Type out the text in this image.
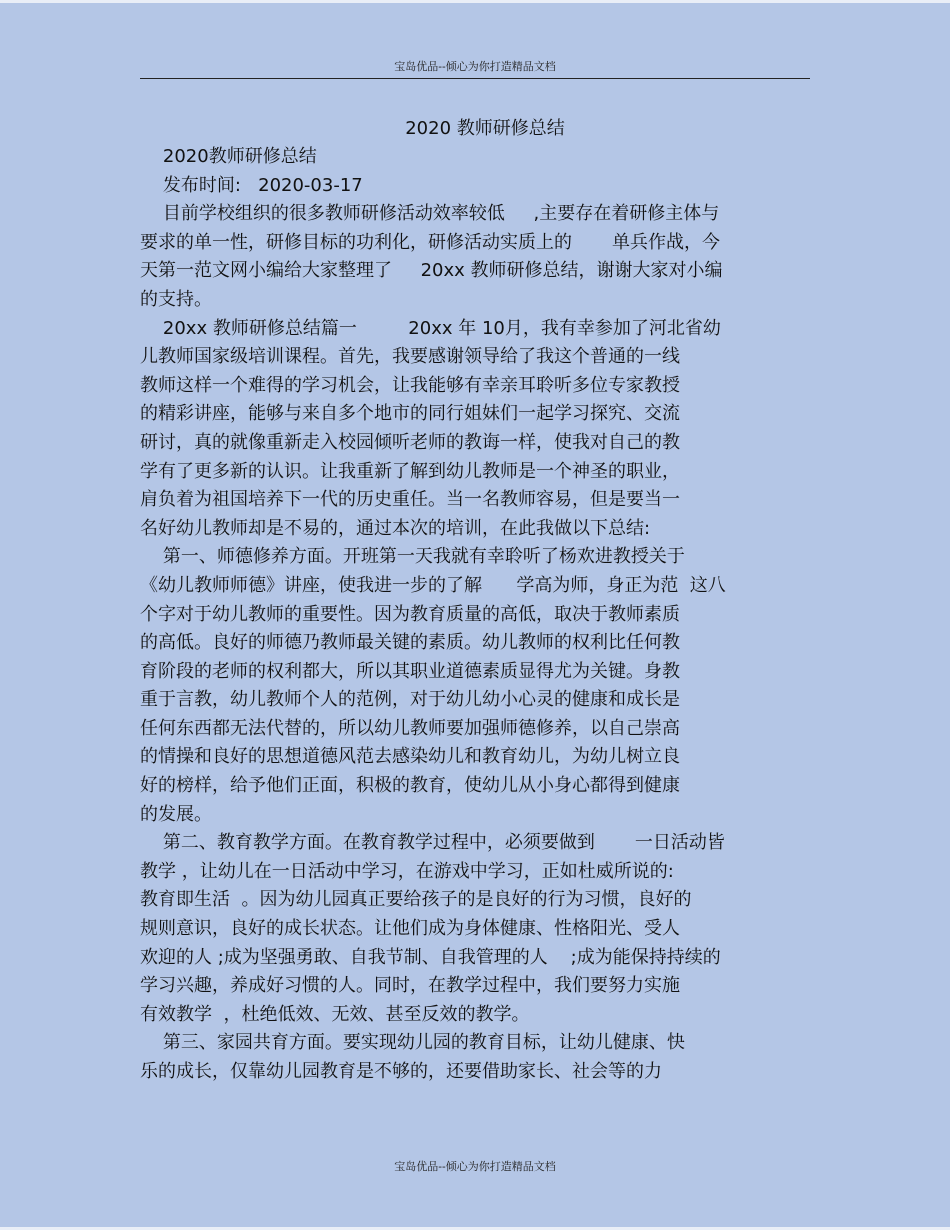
宝岛优品--倾心为你打造精品文档

2020 教师研修总结

2020教师研修总结

发布时间:   2020-03-17

目前学校组织的很多教师研修活动效率较低     ,主要存在着研修主体与

要求的单一性，研修目标的功利化，研修活动实质上的       单兵作战，今

天第一范文网小编给大家整理了     20xx 教师研修总结，谢谢大家对小编

的支持。

20xx 教师研修总结篇一         20xx 年 10月，我有幸参加了河北省幼

儿教师国家级培训课程。首先，我要感谢领导给了我这个普通的一线

教师这样一个难得的学习机会，让我能够有幸亲耳聆听多位专家教授

的精彩讲座，能够与来自多个地市的同行姐妹们一起学习探究、交流

研讨，真的就像重新走入校园倾听老师的教诲一样，使我对自己的教

学有了更多新的认识。让我重新了解到幼儿教师是一个神圣的职业，

肩负着为祖国培养下一代的历史重任。当一名教师容易，但是要当一

名好幼儿教师却是不易的，通过本次的培训，在此我做以下总结:

第一、师德修养方面。开班第一天我就有幸聆听了杨欢进教授关于

《幼儿教师师德》讲座，使我进一步的了解      学高为师，身正为范  这八

个字对于幼儿教师的重要性。因为教育质量的高低，取决于教师素质

的高低。良好的师德乃教师最关键的素质。幼儿教师的权利比任何教

育阶段的老师的权利都大，所以其职业道德素质显得尤为关键。身教

重于言教，幼儿教师个人的范例，对于幼儿幼小心灵的健康和成长是

任何东西都无法代替的，所以幼儿教师要加强师德修养，以自己崇高

的情操和良好的思想道德风范去感染幼儿和教育幼儿，为幼儿树立良

好的榜样，给予他们正面，积极的教育，使幼儿从小身心都得到健康

的发展。

第二、教育教学方面。在教育教学过程中，必须要做到       一日活动皆

教学 ，让幼儿在一日活动中学习，在游戏中学习，正如杜威所说的:

教育即生活  。因为幼儿园真正要给孩子的是良好的行为习惯，良好的

规则意识，良好的成长状态。让他们成为身体健康、性格阳光、受人

欢迎的人 ;成为坚强勇敢、自我节制、自我管理的人    ;成为能保持持续的

学习兴趣，养成好习惯的人。同时，在教学过程中，我们要努力实施

有效教学  ，杜绝低效、无效、甚至反效的教学。

第三、家园共育方面。要实现幼儿园的教育目标，让幼儿健康、快

乐的成长，仅靠幼儿园教育是不够的，还要借助家长、社会等的力

宝岛优品--倾心为你打造精品文档
